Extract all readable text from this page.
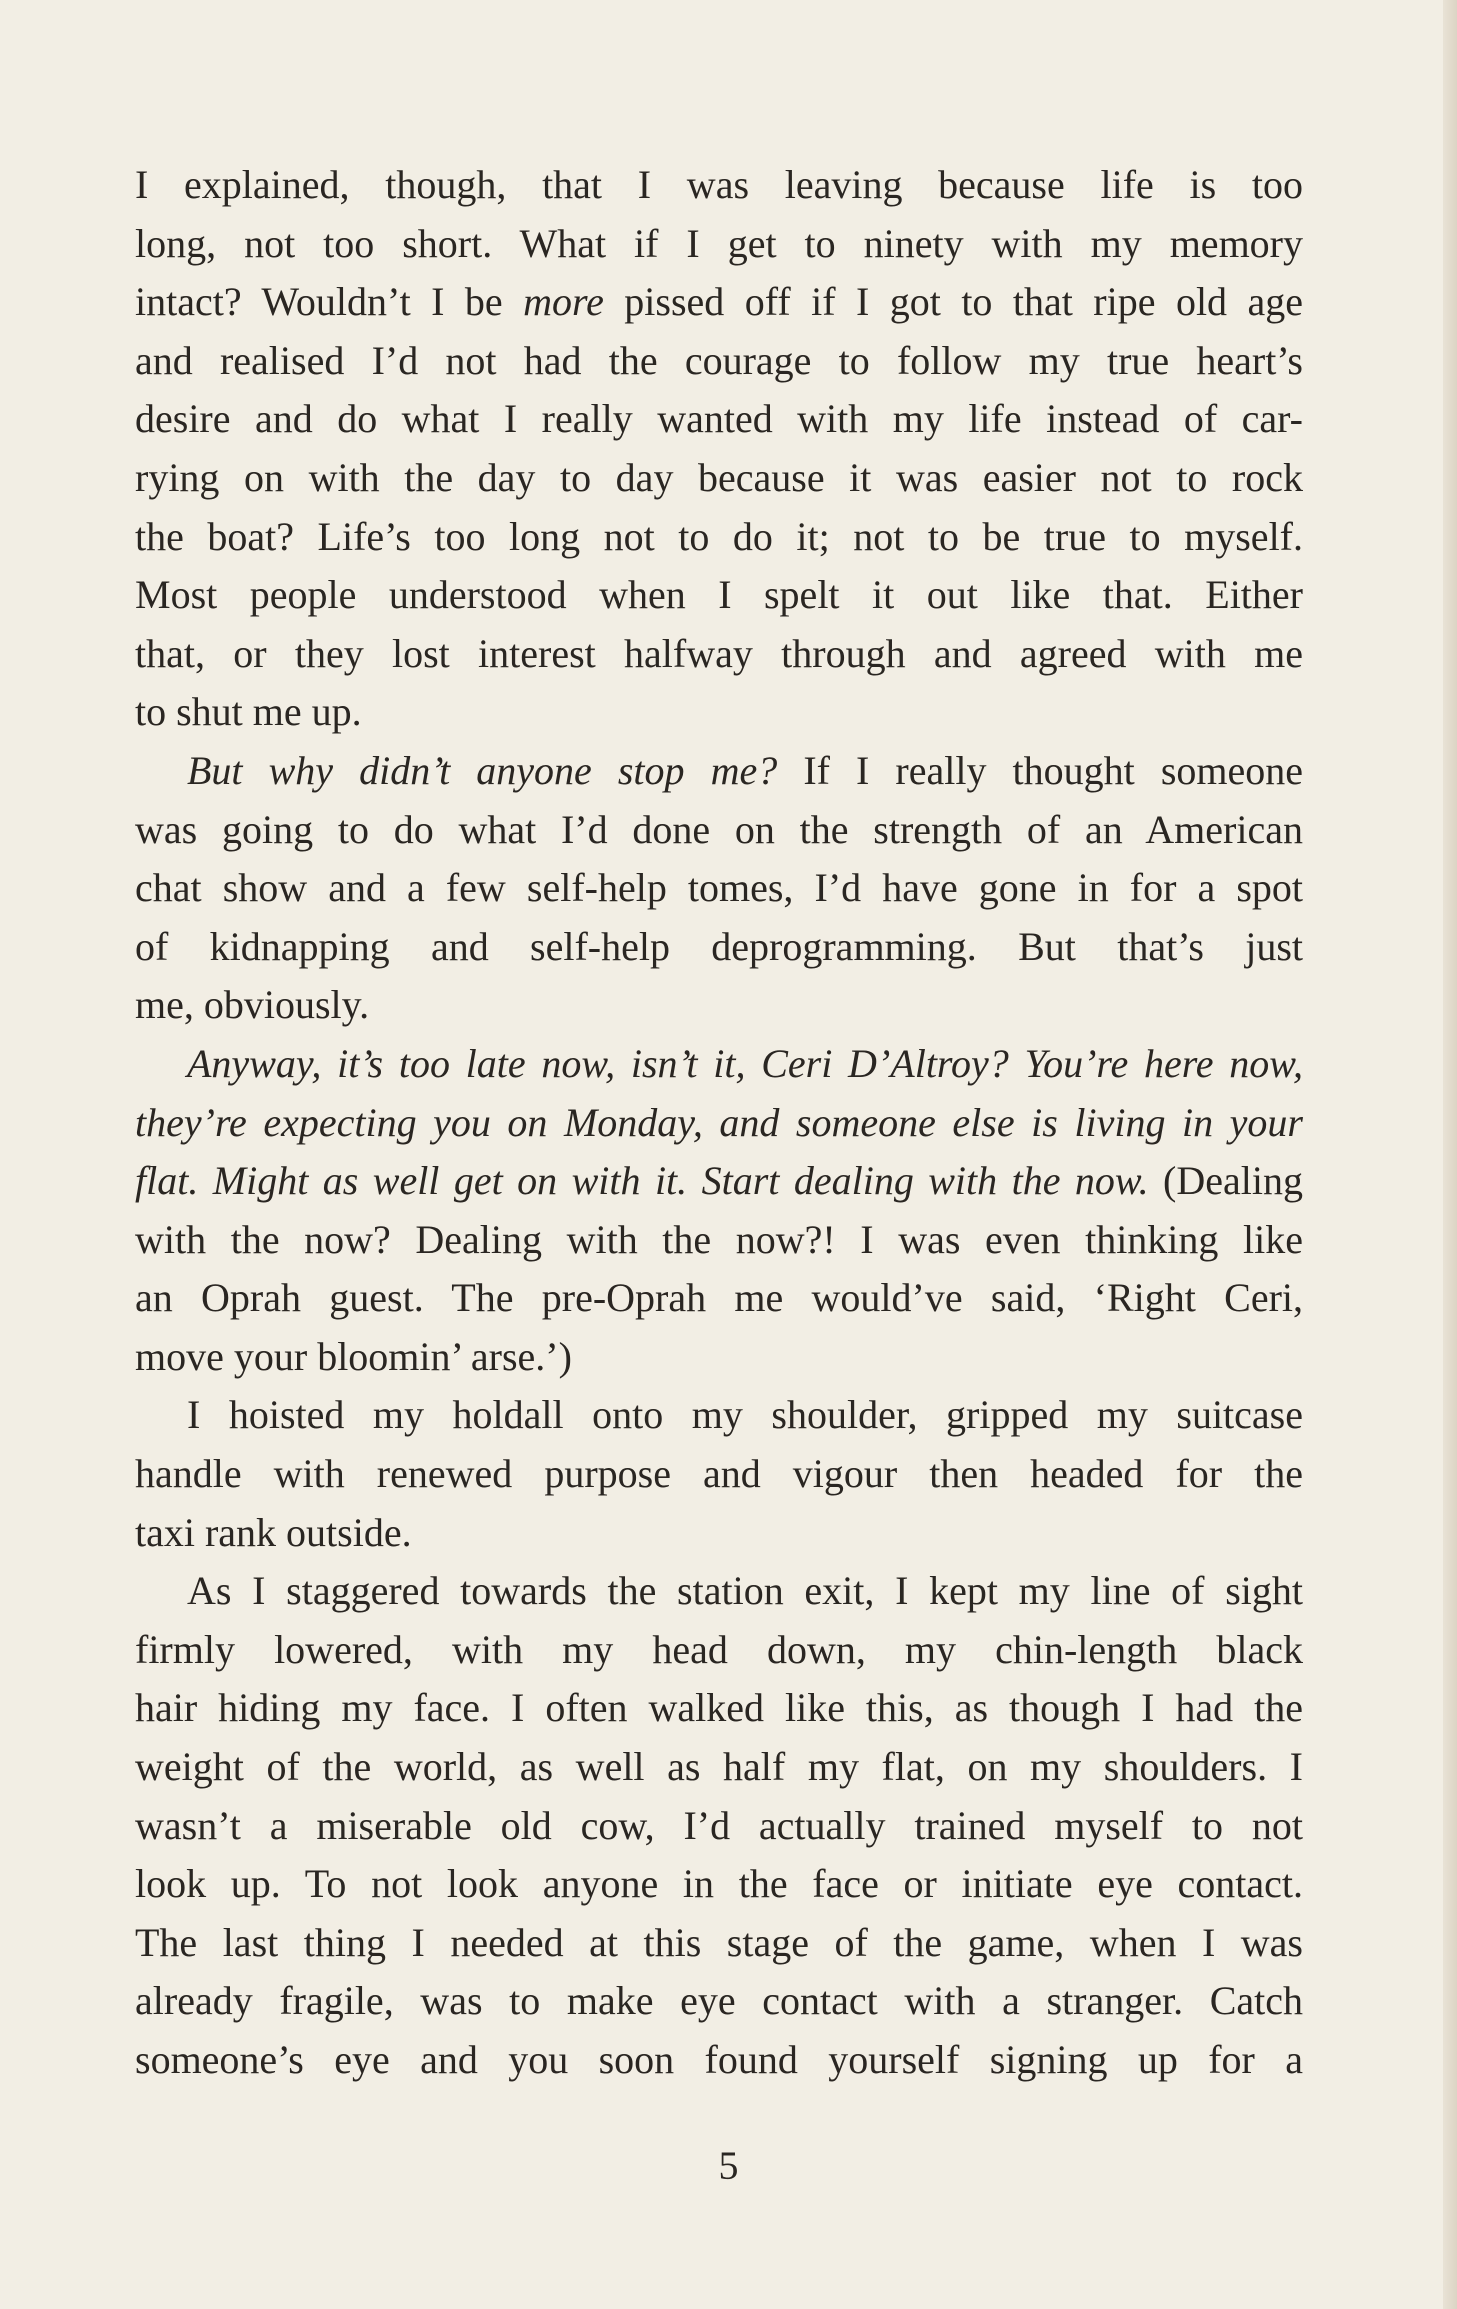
I explained, though, that I was leaving because life is too
long, not too short. What if I get to ninety with my memory
intact? Wouldn’t I be more pissed off if I got to that ripe old age
and realised I’d not had the courage to follow my true heart’s
desire and do what I really wanted with my life instead of car-
rying on with the day to day because it was easier not to rock
the boat? Life’s too long not to do it; not to be true to myself.
Most people understood when I spelt it out like that. Either
that, or they lost interest halfway through and agreed with me
to shut me up.
But why didn’t anyone stop me? If I really thought someone
was going to do what I’d done on the strength of an American
chat show and a few self-help tomes, I’d have gone in for a spot
of kidnapping and self-help deprogramming. But that’s just
me, obviously.
Anyway, it’s too late now, isn’t it, Ceri D’Altroy? You’re here now,
they’re expecting you on Monday, and someone else is living in your
flat. Might as well get on with it. Start dealing with the now. (Dealing
with the now? Dealing with the now?! I was even thinking like
an Oprah guest. The pre-Oprah me would’ve said, ‘Right Ceri,
move your bloomin’ arse.’)
I hoisted my holdall onto my shoulder, gripped my suitcase
handle with renewed purpose and vigour then headed for the
taxi rank outside.
As I staggered towards the station exit, I kept my line of sight
firmly lowered, with my head down, my chin-length black
hair hiding my face. I often walked like this, as though I had the
weight of the world, as well as half my flat, on my shoulders. I
wasn’t a miserable old cow, I’d actually trained myself to not
look up. To not look anyone in the face or initiate eye contact.
The last thing I needed at this stage of the game, when I was
already fragile, was to make eye contact with a stranger. Catch
someone’s eye and you soon found yourself signing up for a
5
